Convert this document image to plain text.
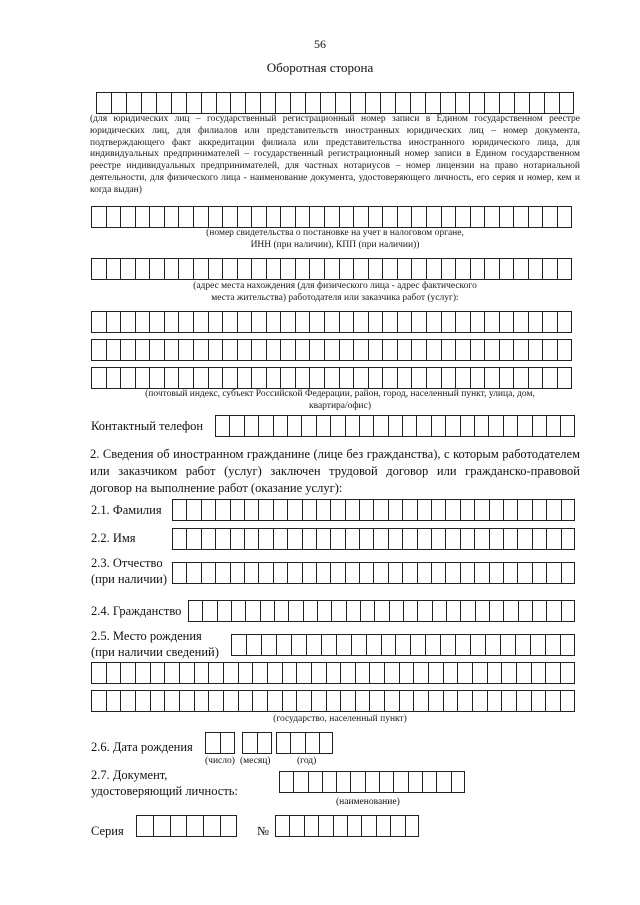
56
Оборотная сторона
(для юридических лиц – государственный регистрационный номер записи в Едином государственном реестре юридических лиц, для филиалов или представительств иностранных юридических лиц – номер документа, подтверждающего факт аккредитации филиала или представительства иностранного юридического лица, для индивидуальных предпринимателей – государственный регистрационный номер записи в Едином государственном реестре индивидуальных предпринимателей, для частных нотариусов – номер лицензии на право нотариальной деятельности, для физического лица - наименование документа, удостоверяющего личность, его серия и номер, кем и когда выдан)
(номер свидетельства о постановке на учет в налоговом органе,
ИНН (при наличии), КПП (при наличии))
(адрес места нахождения (для физического лица - адрес фактического
места жительства) работодателя или заказчика работ (услуг):
(почтовый индекс, субъект Российской Федерации, район, город, населенный пункт, улица, дом,
квартира/офис)
Контактный телефон
2. Сведения об иностранном гражданине (лице без гражданства), с которым работодателем или заказчиком работ (услуг) заключен трудовой договор или гражданско-правовой договор на выполнение работ (оказание услуг):
2.1. Фамилия
2.2. Имя
2.3. Отчество
(при наличии)
2.4. Гражданство
2.5. Место рождения
(при наличии сведений)
(государство, населенный пункт)
2.6. Дата рождения
(число) (месяц)	(год)
2.7. Документ,
удостоверяющий личность:
(наименование)
Серия	№
